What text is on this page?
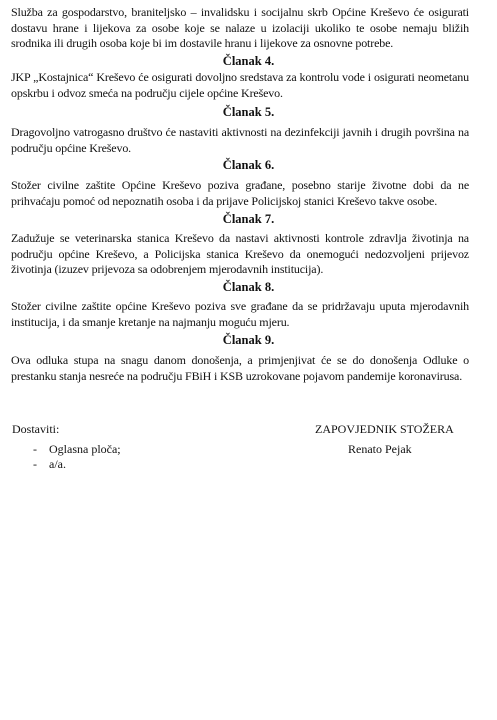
Služba za gospodarstvo, braniteljsko – invalidsku i socijalnu skrb Općine Kreševo će osigurati dostavu hrane i lijekova za osobe koje se nalaze u izolaciji ukoliko te osobe nemaju bližih srodnika ili drugih osoba koje bi im dostavile hranu i lijekove za osnovne potrebe.

Članak 4.

JKP „Kostajnica“ Kreševo će osigurati dovoljno sredstava za kontrolu vode i osigurati neometanu opskrbu i odvoz smeća na području cijele općine Kreševo.

Članak 5.

Dragovoljno vatrogasno društvo će nastaviti aktivnosti na dezinfekciji javnih i drugih površina na području općine Kreševo.

Članak 6.

Stožer civilne zaštite Općine Kreševo poziva građane, posebno starije životne dobi da ne prihvaćaju pomoć od nepoznatih osoba i da prijave Policijskoj stanici Kreševo takve osobe.

Članak 7.

Zadužuje se veterinarska stanica Kreševo da nastavi aktivnosti kontrole zdravlja životinja na području općine Kreševo, a Policijska stanica Kreševo da onemogući nedozvoljeni prijevoz životinja (izuzev prijevoza sa odobrenjem mjerodavnih institucija).

Članak 8.

Stožer civilne zaštite općine Kreševo poziva sve građane da se pridržavaju uputa mjerodavnih institucija, i da smanje kretanje na najmanju moguću mjeru.

Članak 9.

Ova odluka stupa na snagu danom donošenja, a primjenjivat će se do donošenja Odluke o prestanku stanja nesreće na području FBiH i KSB uzrokovane pojavom pandemije koronavirusa.

Dostaviti:
- Oglasna ploča;
- a/a.
ZAPOVJEDNIK STOŽERA
Renato Pejak
